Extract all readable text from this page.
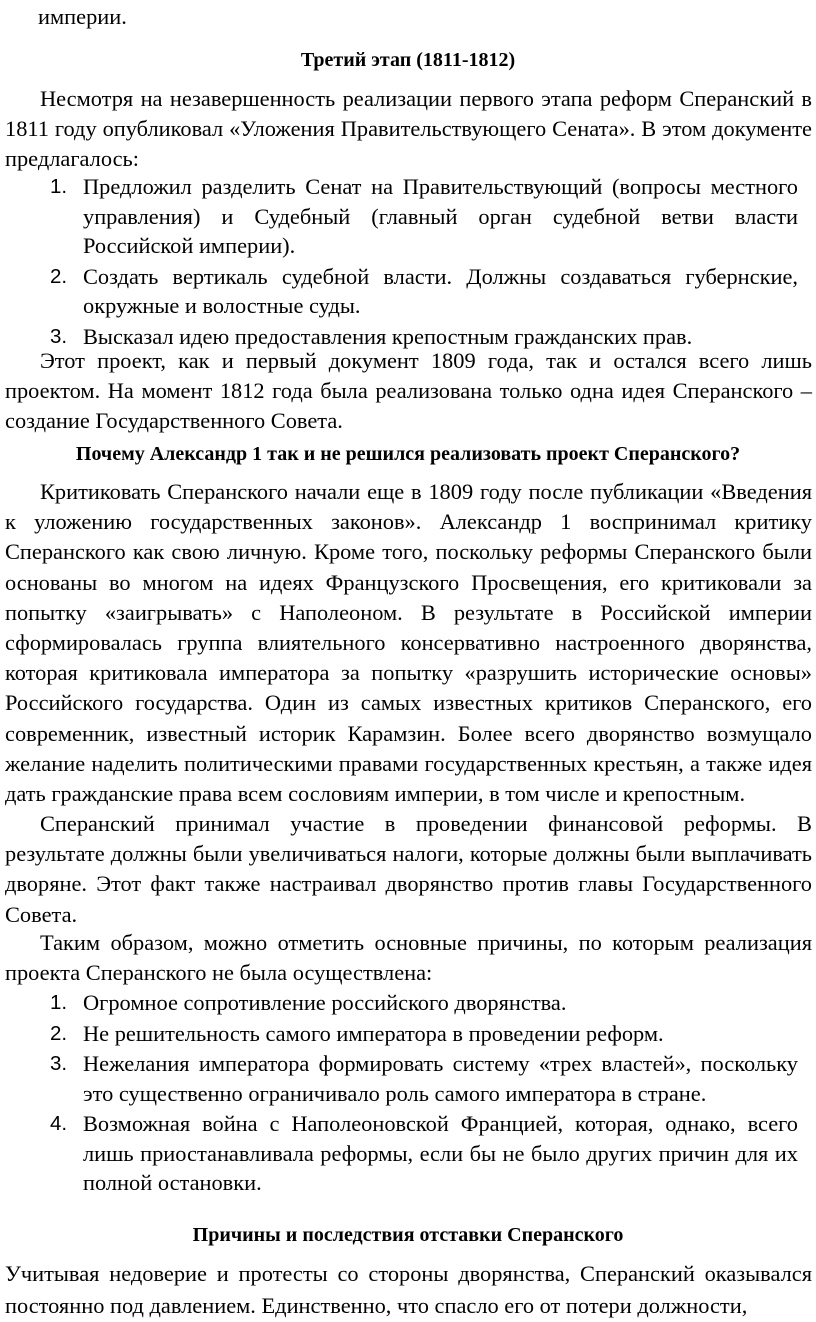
империи.
Третий этап (1811-1812)

Несмотря на незавершенность реализации первого этапа реформ Сперанский в 1811 году опубликовал «Уложения Правительствующего Сената». В этом документе предлагалось:

1. Предложил разделить Сенат на Правительствующий (вопросы местного управления) и Судебный (главный орган судебной ветви власти Российской империи).
2. Создать вертикаль судебной власти. Должны создаваться губернские, окружные и волостные суды.
3. Высказал идею предоставления крепостным гражданских прав.

Этот проект, как и первый документ 1809 года, так и остался всего лишь проектом. На момент 1812 года была реализована только одна идея Сперанского – создание Государственного Совета.

Почему Александр 1 так и не решился реализовать проект Сперанского?

Критиковать Сперанского начали еще в 1809 году после публикации «Введения к уложению государственных законов». Александр 1 воспринимал критику Сперанского как свою личную. Кроме того, поскольку реформы Сперанского были основаны во многом на идеях Французского Просвещения, его критиковали за попытку «заигрывать» с Наполеоном. В результате в Российской империи сформировалась группа влиятельного консервативно настроенного дворянства, которая критиковала императора за попытку «разрушить исторические основы» Российского государства. Один из самых известных критиков Сперанского, его современник, известный историк Карамзин. Более всего дворянство возмущало желание наделить политическими правами государственных крестьян, а также идея дать гражданские права всем сословиям империи, в том числе и крепостным.

Сперанский принимал участие в проведении финансовой реформы. В результате должны были увеличиваться налоги, которые должны были выплачивать дворяне. Этот факт также настраивал дворянство против главы Государственного Совета.

Таким образом, можно отметить основные причины, по которым реализация проекта Сперанского не была осуществлена:

1. Огромное сопротивление российского дворянства.
2. Не решительность самого императора в проведении реформ.
3. Нежелания императора формировать систему «трех властей», поскольку это существенно ограничивало роль самого императора в стране.
4. Возможная война с Наполеоновской Францией, которая, однако, всего лишь приостанавливала реформы, если бы не было других причин для их полной остановки.
Причины и последствия отставки Сперанского

Учитывая недоверие и протесты со стороны дворянства, Сперанский оказывался постоянно под давлением. Единственно, что спасло его от потери должности,
